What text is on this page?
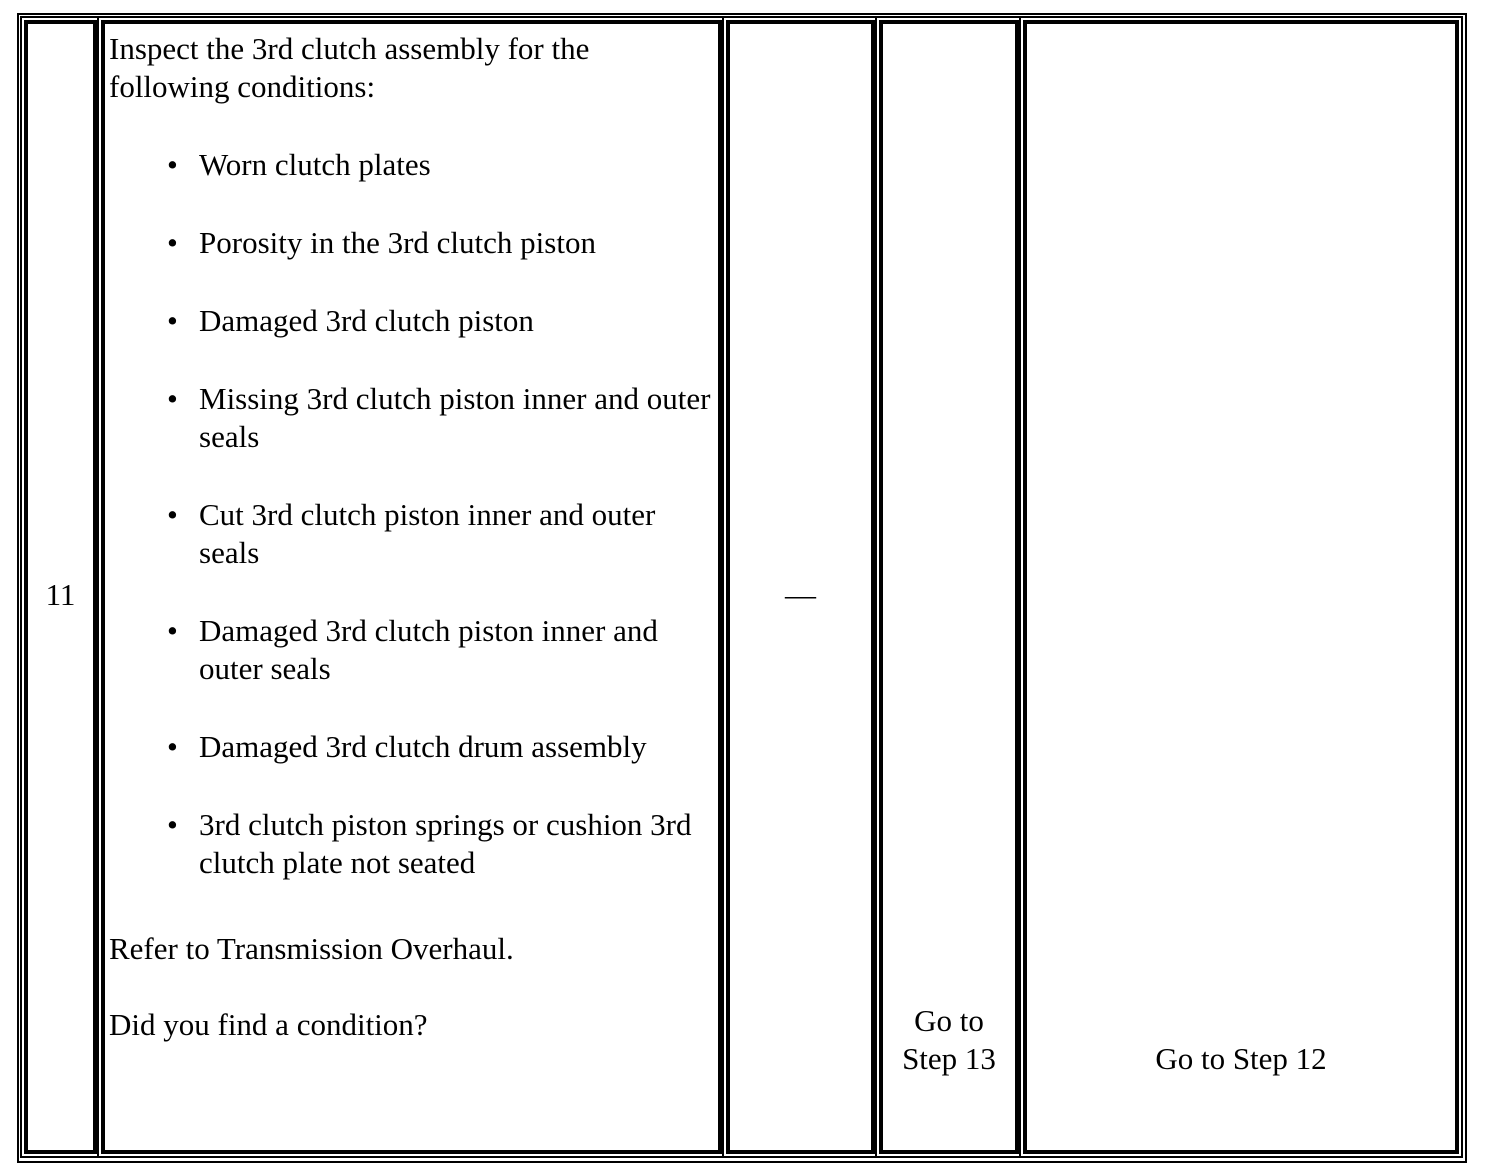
11

Inspect the 3rd clutch assembly for the following conditions:

• Worn clutch plates
• Porosity in the 3rd clutch piston
• Damaged 3rd clutch piston
• Missing 3rd clutch piston inner and outer seals
• Cut 3rd clutch piston inner and outer seals
• Damaged 3rd clutch piston inner and outer seals
• Damaged 3rd clutch drum assembly
• 3rd clutch piston springs or cushion 3rd clutch plate not seated

Refer to Transmission Overhaul.

Did you find a condition?

—
Go to
Step 13	Go to Step 12
